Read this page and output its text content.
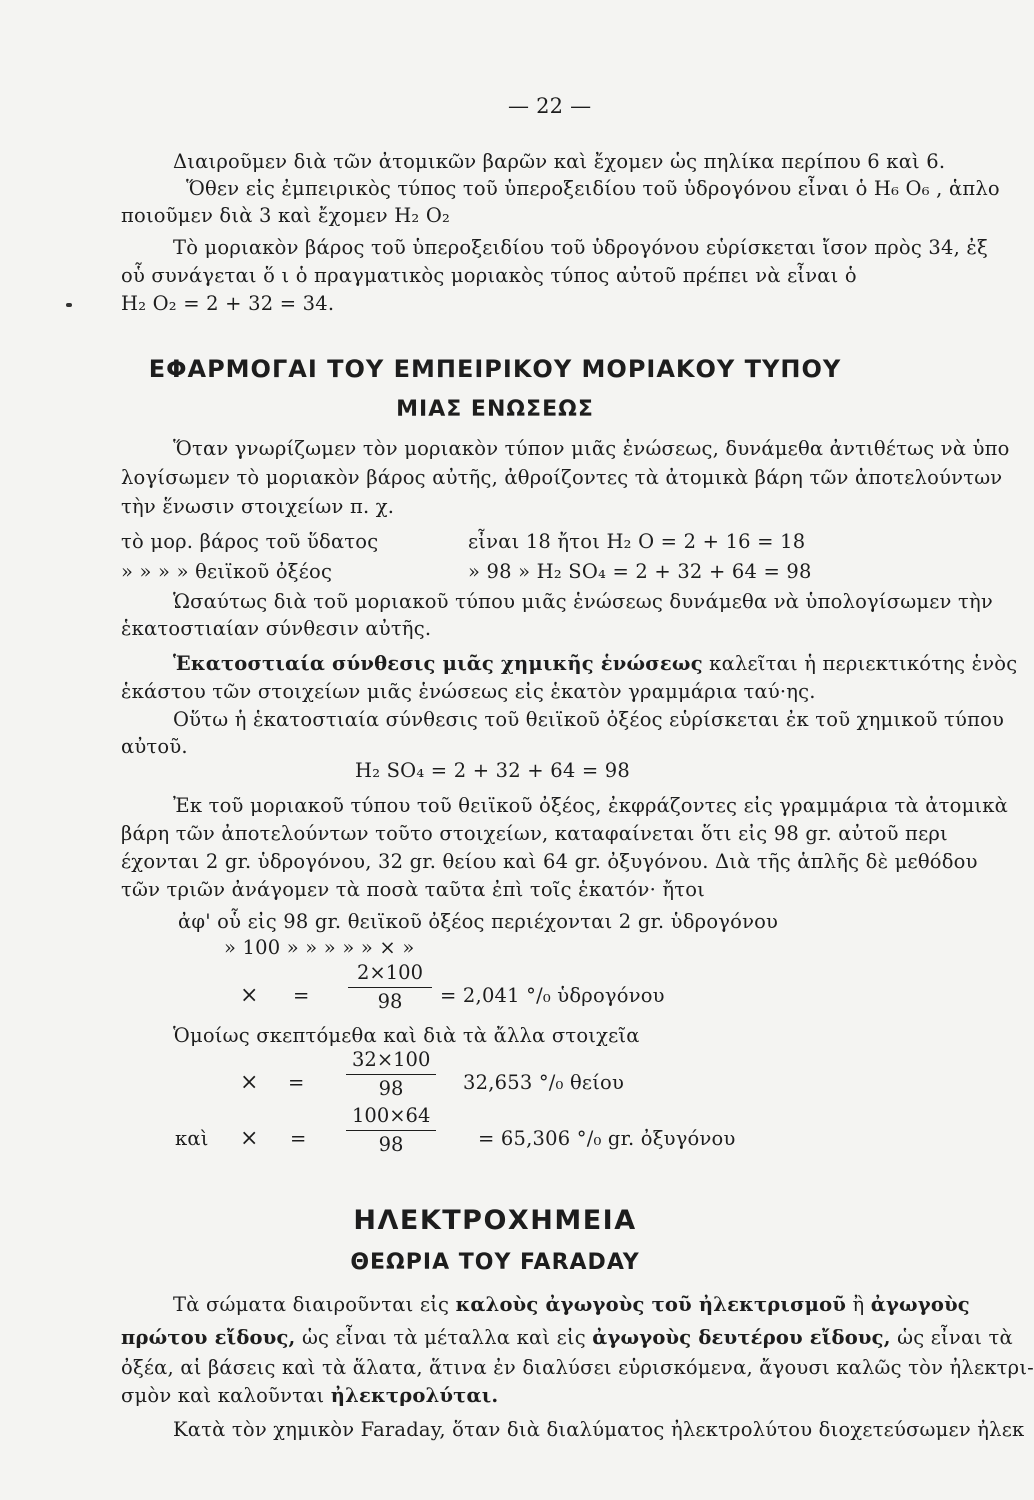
— 22 —
Διαιροῦμεν διὰ τῶν ἀτομικῶν βαρῶν καὶ ἔχομεν ὡς πηλίκα περίπου 6 καὶ 6.
Ὅθεν εἰς ἐμπειρικὸς τύπος τοῦ ὑπεροξειδίου τοῦ ὑδρογόνου εἶναι ὁ H₆ O₆ , ἁπλο
ποιοῦμεν διὰ 3 καὶ ἔχομεν H₂ O₂
Τὸ μοριακὸν βάρος τοῦ ὑπεροξειδίου τοῦ ὑδρογόνου εὑρίσκεται ἴσον πρὸς 34, ἐξ
οὗ συνάγεται ὅ ι ὁ πραγματικὸς μοριακὸς τύπος αὐτοῦ πρέπει νὰ εἶναι ὁ
H₂ O₂ = 2 + 32 = 34.
ΕΦΑΡΜΟΓΑΙ ΤΟΥ ΕΜΠΕΙΡΙΚΟΥ ΜΟΡΙΑΚΟΥ ΤΥΠΟΥ
ΜΙΑΣ ΕΝΩΣΕΩΣ
Ὅταν γνωρίζωμεν τὸν μοριακὸν τύπον μιᾶς ἑνώσεως, δυνάμεθα ἀντιθέτως νὰ ὑπο
λογίσωμεν τὸ μοριακὸν βάρος αὐτῆς, ἀθροίζοντες τὰ ἀτομικὰ βάρη τῶν ἀποτελούντων
τὴν ἕνωσιν στοιχείων π. χ.
τὸ μορ. βάρος τοῦ ὕδατος	εἶναι 18 ἤτοι H₂ O = 2 + 16 = 18
» » » » θειϊκοῦ ὀξέος	» 98 » H₂ SO₄ = 2 + 32 + 64 = 98
Ὡσαύτως διὰ τοῦ μοριακοῦ τύπου μιᾶς ἑνώσεως δυνάμεθα νὰ ὑπολογίσωμεν τὴν
ἑκατοστιαίαν σύνθεσιν αὐτῆς.
Ἑκατοστιαία σύνθεσις μιᾶς χημικῆς ἑνώσεως καλεῖται ἡ περιεκτικότης ἑνὸς
ἑκάστου τῶν στοιχείων μιᾶς ἑνώσεως εἰς ἑκατὸν γραμμάρια ταύ·ης.
Οὕτω ἡ ἑκατοστιαία σύνθεσις τοῦ θειϊκοῦ ὀξέος εὑρίσκεται ἐκ τοῦ χημικοῦ τύπου
αὐτοῦ.
H₂ SO₄ = 2 + 32 + 64 = 98
Ἐκ τοῦ μοριακοῦ τύπου τοῦ θειϊκοῦ ὀξέος, ἐκφράζοντες εἰς γραμμάρια τὰ ἀτομικὰ
βάρη τῶν ἀποτελούντων τοῦτο στοιχείων, καταφαίνεται ὅτι εἰς 98 gr. αὐτοῦ περι
έχονται 2 gr. ὑδρογόνου, 32 gr. θείου καὶ 64 gr. ὀξυγόνου. Διὰ τῆς ἁπλῆς δὲ μεθόδου
τῶν τριῶν ἀνάγομεν τὰ ποσὰ ταῦτα ἐπὶ τοῖς ἑκατόν· ἤτοι
ἀφ' οὗ εἰς 98 gr. θειϊκοῦ ὀξέος περιέχονται 2 gr. ὑδρογόνου
» 100 » » » » » × »
× =
2×100
98	= 2,041 °/₀ ὑδρογόνου
Ὁμοίως σκεπτόμεθα καὶ διὰ τὰ ἄλλα στοιχεῖα
× =
32×100
98	32,653 °/₀ θείου
καὶ × =
100×64
98	= 65,306 °/₀ gr. ὀξυγόνου
ΗΛΕΚΤΡΟΧΗΜΕΙΑ
ΘΕΩΡΙΑ ΤΟΥ FARADAY
Τὰ σώματα διαιροῦνται εἰς καλοὺς ἀγωγοὺς τοῦ ἠλεκτρισμοῦ ἢ ἀγωγοὺς
πρώτου εἴδους, ὡς εἶναι τὰ μέταλλα καὶ εἰς ἀγωγοὺς δευτέρου εἴδους, ὡς εἶναι τὰ
ὀξέα, αἱ βάσεις καὶ τὰ ἅλατα, ἅτινα ἐν διαλύσει εὑρισκόμενα, ἄγουσι καλῶς τὸν ἠλεκτρι-
σμὸν καὶ καλοῦνται ἠλεκτρολύται.
Κατὰ τὸν χημικὸν Faraday, ὅταν διὰ διαλύματος ἠλεκτρολύτου διοχετεύσωμεν ἠλεκ
